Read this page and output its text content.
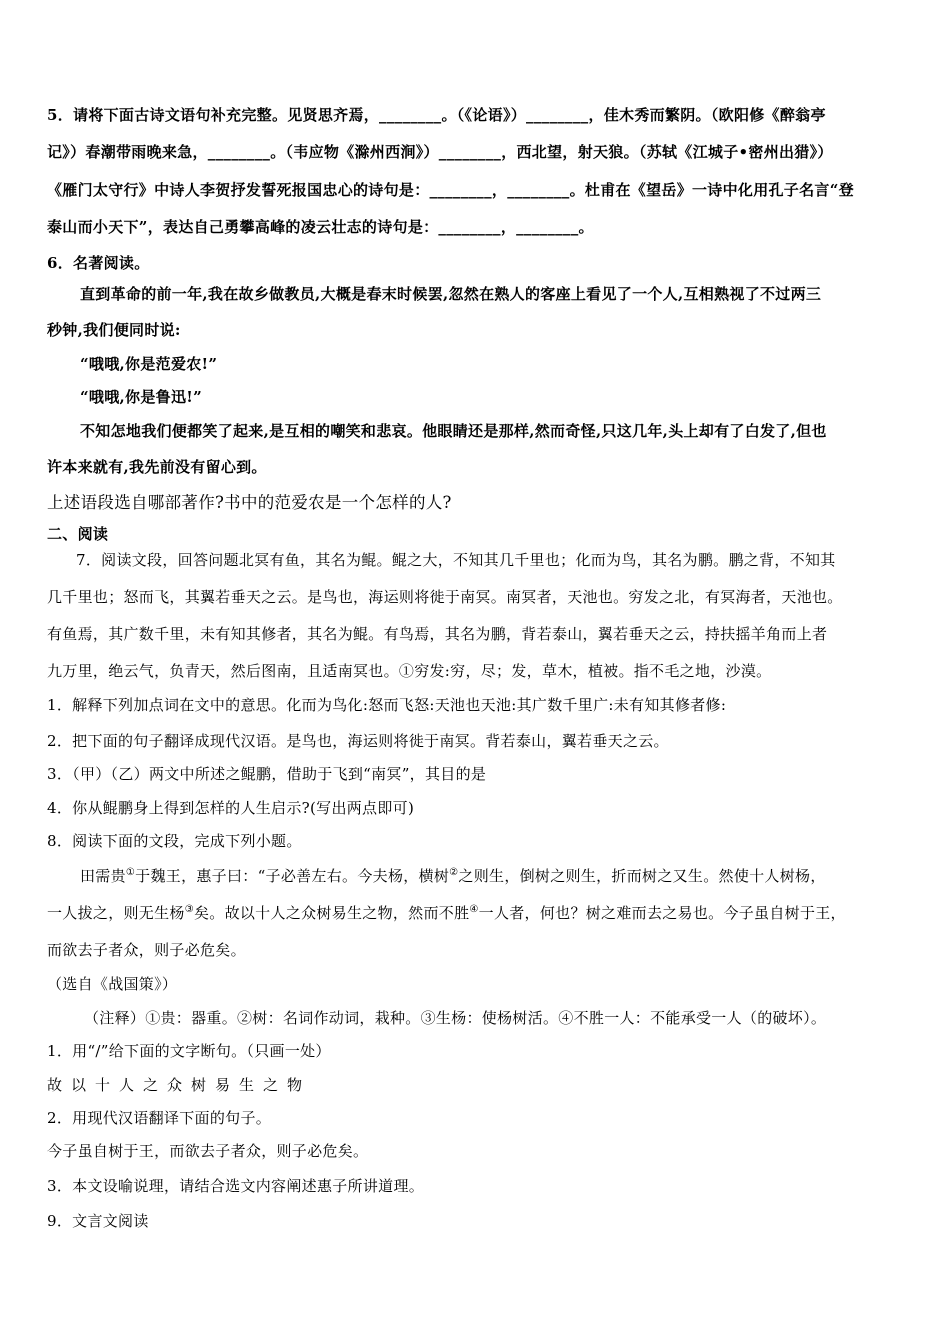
5．请将下面古诗文语句补充完整。见贤思齐焉，________。（《论语》）________，佳木秀而繁阴。（欧阳修《醉翁亭
记》）春潮带雨晚来急，________。（韦应物《滁州西涧》）________，西北望，射天狼。（苏轼《江城子•密州出猎》）
《雁门太守行》中诗人李贺抒发誓死报国忠心的诗句是：________，________。杜甫在《望岳》一诗中化用孔子名言“登
泰山而小天下”，表达自己勇攀高峰的凌云壮志的诗句是：________，________。
6．名著阅读。
直到革命的前一年,我在故乡做教员,大概是春末时候罢,忽然在熟人的客座上看见了一个人,互相熟视了不过两三
秒钟,我们便同时说:
“哦哦,你是范爱农!”
“哦哦,你是鲁迅!”
不知怎地我们便都笑了起来,是互相的嘲笑和悲哀。他眼睛还是那样,然而奇怪,只这几年,头上却有了白发了,但也
许本来就有,我先前没有留心到。
上述语段选自哪部著作?书中的范爱农是一个怎样的人?
二、阅读
7．阅读文段，回答问题北冥有鱼，其名为鲲。鲲之大，不知其几千里也；化而为鸟，其名为鹏。鹏之背，不知其
几千里也；怒而飞，其翼若垂天之云。是鸟也，海运则将徙于南冥。南冥者，天池也。穷发之北，有冥海者，天池也。
有鱼焉，其广数千里，未有知其修者，其名为鲲。有鸟焉，其名为鹏，背若泰山，翼若垂天之云，持扶摇羊角而上者
九万里，绝云气，负青天，然后图南，且适南冥也。①穷发:穷，尽；发，草木，植被。指不毛之地，沙漠。
1．解释下列加点词在文中的意思。化而为鸟化:怒而飞怒:天池也天池:其广数千里广:未有知其修者修:
2．把下面的句子翻译成现代汉语。是鸟也，海运则将徙于南冥。背若泰山，翼若垂天之云。
3．（甲）（乙）两文中所述之鲲鹏，借助于飞到“南冥”，其目的是
4．你从鲲鹏身上得到怎样的人生启示?(写出两点即可)
8．阅读下面的文段，完成下列小题。
田需贵①于魏王，惠子曰：“子必善左右。今夫杨，横树②之则生，倒树之则生，折而树之又生。然使十人树杨，
一人拔之，则无生杨③矣。故以十人之众树易生之物，然而不胜④一人者，何也？树之难而去之易也。今子虽自树于王，
而欲去子者众，则子必危矣。
（选自《战国策》）
（注释）①贵：器重。②树：名词作动词，栽种。③生杨：使杨树活。④不胜一人：不能承受一人（的破坏）。
1．用“/”给下面的文字断句。（只画一处）
故以十人之众树易生之物
2．用现代汉语翻译下面的句子。
今子虽自树于王，而欲去子者众，则子必危矣。
3．本文设喻说理，请结合选文内容阐述惠子所讲道理。
9．文言文阅读
